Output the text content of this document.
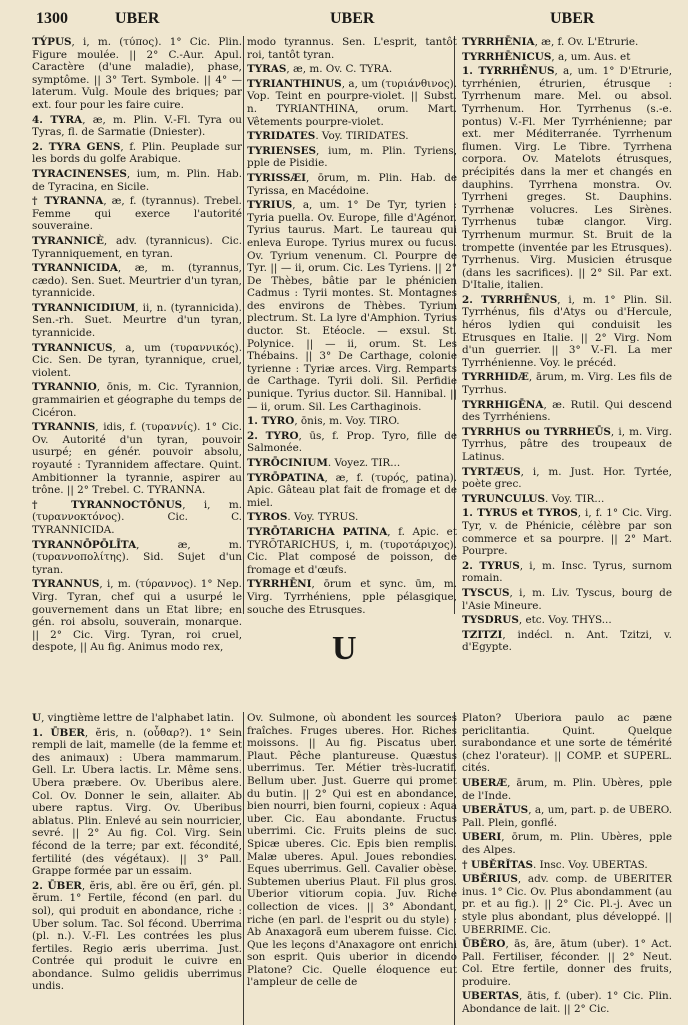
1300	UBER	UBER	UBER
TÝPUS, i, m. (τύπος). 1° Cic. Plin. Figure moulée. || 2° C.-Aur. Apul. Caractère (d'une maladie), phase, symptôme. || 3° Tert. Symbole. || 4° — laterum. Vulg. Moule des briques; par ext. four pour les faire cuire.
4. TYRA, æ, m. Plin. V.-Fl. Tyra ou Tyras, fl. de Sarmatie (Dniester).
2. TYRA GENS, f. Plin. Peuplade sur les bords du golfe Arabique.
TYRACINENSES, ium, m. Plin. Hab. de Tyracina, en Sicile.
† TYRANNA, æ, f. (tyrannus). Trebel. Femme qui exerce l'autorité souveraine.
TYRANNICÈ, adv. (tyrannicus). Cic. Tyranniquement, en tyran.
TYRANNICIDA, æ, m. (tyrannus, cædo). Sen. Suet. Meurtrier d'un tyran, tyrannicide.
TYRANNICIDIUM, ii, n. (tyrannicida). Sen.-rh. Suet. Meurtre d'un tyran, tyrannicide.
TYRANNICUS, a, um (τυραννικός). Cic. Sen. De tyran, tyrannique, cruel, violent.
TYRANNIO, ōnis, m. Cic. Tyrannion, grammairien et géographe du temps de Cicéron.
TYRANNIS, idis, f. (τυραννίς). 1° Cic. Ov. Autorité d'un tyran, pouvoir usurpé; en génér. pouvoir absolu, royauté : Tyrannidem affectare. Quint. Ambitionner la tyrannie, aspirer au trône. || 2° Trebel. C. TYRANNA.
† TYRANNOCTŌNUS, i, m. (τυραννοκτόνος). Cic. C. TYRANNICIDA.
TYRANNŌPŌLĪTA, æ, m. (τυραννοπολίτης). Sid. Sujet d'un tyran.
TYRANNUS, i, m. (τύραννος). 1° Nep. Virg. Tyran, chef qui a usurpé le gouvernement dans un Etat libre; en gén. roi absolu, souverain, monarque. || 2° Cic. Virg. Tyran, roi cruel, despote, || Au fig. Animus modo rex,
modo tyrannus. Sen. L'esprit, tantôt roi, tantôt tyran.
TYRAS, æ, m. Ov. C. TYRA.
TYRIANTHINUS, a, um (τυριάνθινος). Vop. Teint en pourpre-violet. || Subst. n. TYRIANTHINA, orum. Mart. Vêtements pourpre-violet.
TYRIDATES. Voy. TIRIDATES.
TYRIENSES, ium, m. Plin. Tyriens, pple de Pisidie.
TYRISSÆI, ōrum, m. Plin. Hab. de Tyrissa, en Macédoine.
TYRIUS, a, um. 1° De Tyr, tyrien : Tyria puella. Ov. Europe, fille d'Agénor. Tyrius taurus. Mart. Le taureau qui enleva Europe. Tyrius murex ou fucus. Ov. Tyrium venenum. Cl. Pourpre de Tyr. || — ii, orum. Cic. Les Tyriens. || 2° De Thèbes, bâtie par le phénicien Cadmus : Tyrii montes. St. Montagnes des environs de Thèbes. Tyrium plectrum. St. La lyre d'Amphion. Tyrius ductor. St. Etéocle. — exsul. St. Polynice. || — ii, orum. St. Les Thébains. || 3° De Carthage, colonie tyrienne : Tyriæ arces. Virg. Remparts de Carthage. Tyrii doli. Sil. Perfidie punique. Tyrius ductor. Sil. Hannibal. || — ii, orum. Sil. Les Carthaginois.
1. TYRO, ōnis, m. Voy. TIRO.
2. TYRO, ūs, f. Prop. Tyro, fille de Salmonée.
TYRŌCINIUM. Voyez. TIR...
TYRŌPATINA, æ, f. (τυρός, patina). Apic. Gâteau plat fait de fromage et de miel.
TYROS. Voy. TYRUS.
TYRŌTARICHA PATINA, f. Apic. et TYRŌTARICHUS, i, m. (τυροτάριχος). Cic. Plat composé de poisson, de fromage et d'œufs.
TYRRHĒNI, ōrum et sync. ūm, m. Virg. Tyrrhéniens, pple pélasgique, souche des Etrusques.
TYRRHĒNIA, æ, f. Ov. L'Etrurie.
TYRRHĒNICUS, a, um. Aus. et
1. TYRRHĒNUS, a, um. 1° D'Etrurie, tyrrhénien, étrurien, étrusque : Tyrrhenum mare. Mel. ou absol. Tyrrhenum. Hor. Tyrrhenus (s.-e. pontus) V.-Fl. Mer Tyrrhénienne; par ext. mer Méditerranée. Tyrrhenum flumen. Virg. Le Tibre. Tyrrhena corpora. Ov. Matelots étrusques, précipités dans la mer et changés en dauphins. Tyrrhena monstra. Ov. Tyrrheni greges. St. Dauphins. Tyrrhenæ volucres. Les Sirènes. Tyrrhenus tubæ clangor. Virg. Tyrrhenum murmur. St. Bruit de la trompette (inventée par les Etrusques). Tyrrhenus. Virg. Musicien étrusque (dans les sacrifices). || 2° Sil. Par ext. D'Italie, italien.
2. TYRRHĒNUS, i, m. 1° Plin. Sil. Tyrrhénus, fils d'Atys ou d'Hercule, héros lydien qui conduisit les Etrusques en Italie. || 2° Virg. Nom d'un guerrier. || 3° V.-Fl. La mer Tyrrhénienne. Voy. le précéd.
TYRRHIDÆ, ārum, m. Virg. Les fils de Tyrrhus.
TYRRHIGĒNA, æ. Rutil. Qui descend des Tyrrhéniens.
TYRRHUS ou TYRRHEŪS, i, m. Virg. Tyrrhus, pâtre des troupeaux de Latinus.
TYRTÆUS, i, m. Just. Hor. Tyrtée, poète grec.
TYRUNCULUS. Voy. TIR...
1. TYRUS et TYROS, i, f. 1° Cic. Virg. Tyr, v. de Phénicie, célèbre par son commerce et sa pourpre. || 2° Mart. Pourpre.
2. TYRUS, i, m. Insc. Tyrus, surnom romain.
TYSCUS, i, m. Liv. Tyscus, bourg de l'Asie Mineure.
TYSDRUS, etc. Voy. THYS...
TZITZI, indécl. n. Ant. Tzitzi, v. d'Egypte.
U
U, vingtième lettre de l'alphabet latin.
1. ŪBER, ĕris, n. (οὖθαρ?). 1° Sein rempli de lait, mamelle (de la femme et des animaux) : Ubera mammarum. Gell. Lr. Ubera lactis. Lr. Même sens. Ubera præbere. Ov. Uberibus alere. Col. Ov. Donner le sein, allaiter. Ab ubere raptus. Virg. Ov. Uberibus ablatus. Plin. Enlevé au sein nourricier, sevré. || 2° Au fig. Col. Virg. Sein fécond de la terre; par ext. fécondité, fertilité (des végétaux). || 3° Pall. Grappe formée par un essaim.
2. ŪBER, ĕris, abl. ĕre ou ĕrī, gén. pl. ĕrum. 1° Fertile, fécond (en parl. du sol), qui produit en abondance, riche : Uber solum. Tac. Sol fécond. Uberrima (pl. n.). V.-Fl. Les contrées les plus fertiles. Regio æris uberrima. Just. Contrée qui produit le cuivre en abondance. Sulmo gelidis uberrimus undis.
Ov. Sulmone, où abondent les sources fraîches. Fruges uberes. Hor. Riches moissons. || Au fig. Piscatus uber. Plaut. Pêche plantureuse. Quæstus uberrimus. Ter. Métier très-lucratif. Bellum uber. Just. Guerre qui promet du butin. || 2° Qui est en abondance, bien nourri, bien fourni, copieux : Aqua uber. Cic. Eau abondante. Fructus uberrimi. Cic. Fruits pleins de suc. Spicæ uberes. Cic. Epis bien remplis. Malæ uberes. Apul. Joues rebondies. Eques uberrimus. Gell. Cavalier obèse. Subtemen uberius Plaut. Fil plus gros. Uberior vitiorum copia. Juv. Riche collection de vices. || 3° Abondant, riche (en parl. de l'esprit ou du style) : Ab Anaxagorā eum uberem fuisse. Cic. Que les leçons d'Anaxagore ont enrichi son esprit. Quis uberior in dicendo Platone? Cic. Quelle éloquence eut l'ampleur de celle de
Platon? Uberiora paulo ac pæne periclitantia. Quint. Quelque surabondance et une sorte de témérité (chez l'orateur). || COMP. et SUPERL. cités.
UBERÆ, ārum, m. Plin. Ubères, pple de l'Inde.
UBERĀTUS, a, um, part. p. de UBERO. Pall. Plein, gonflé.
UBERI, ōrum, m. Plin. Ubères, pple des Alpes.
† UBĔRĬTAS. Insc. Voy. UBERTAS.
UBĔRIUS, adv. comp. de UBERITER inus. 1° Cic. Ov. Plus abondamment (au pr. et au fig.). || 2° Cic. Pl.-j. Avec un style plus abondant, plus développé. || UBERRIME. Cic.
ŪBĔRO, ās, āre, ātum (uber). 1° Act. Pall. Fertiliser, féconder. || 2° Neut. Col. Etre fertile, donner des fruits, produire.
UBERTAS, ātis, f. (uber). 1° Cic. Plin. Abondance de lait. || 2° Cic.
